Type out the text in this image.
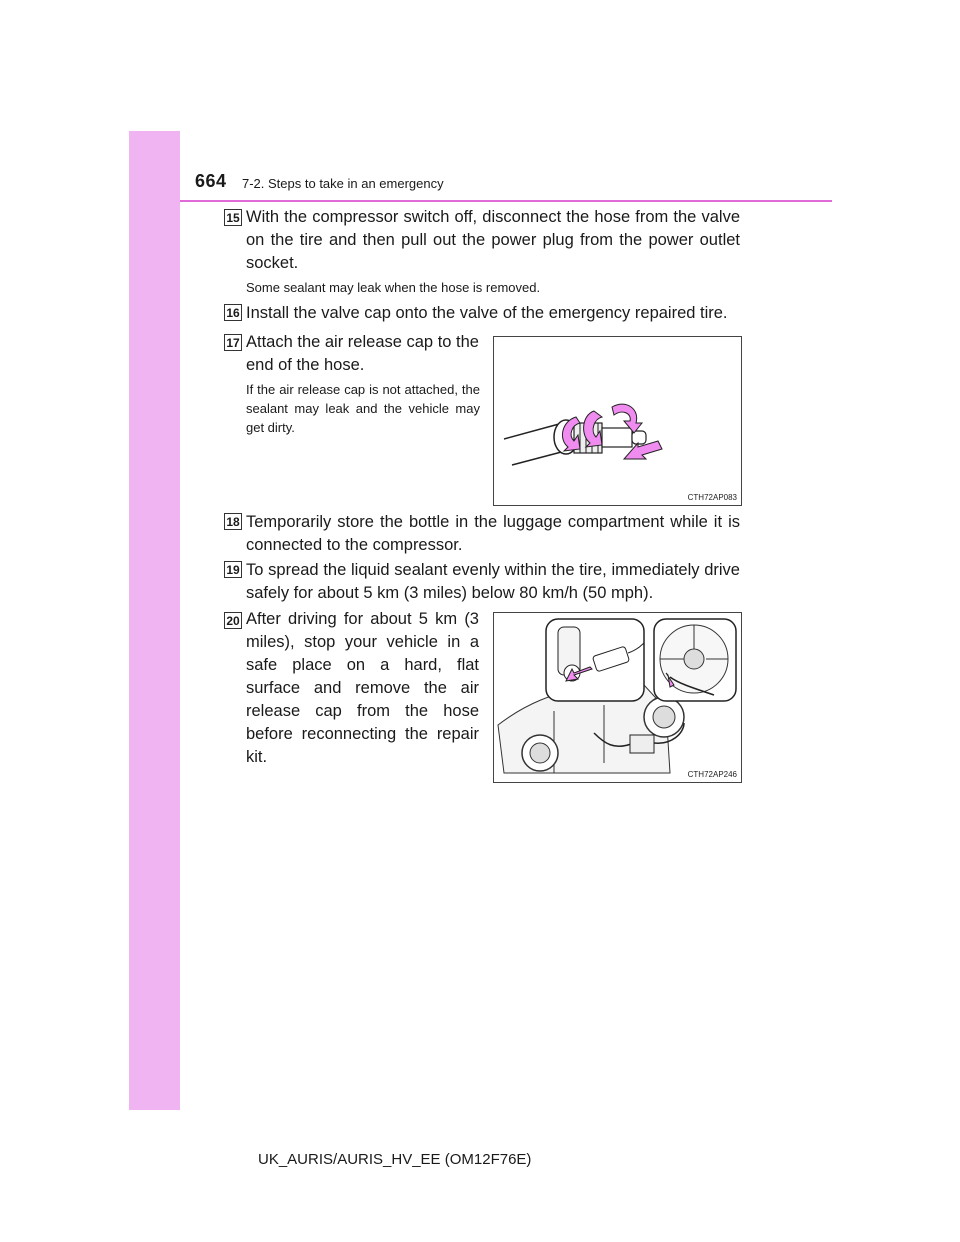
664 7-2. Steps to take in an emergency
15 With the compressor switch off, disconnect the hose from the valve on the tire and then pull out the power plug from the power outlet socket.
Some sealant may leak when the hose is removed.
16 Install the valve cap onto the valve of the emergency repaired tire.
17 Attach the air release cap to the end of the hose.
If the air release cap is not attached, the sealant may leak and the vehicle may get dirty.
CTH72AP083
18 Temporarily store the bottle in the luggage compartment while it is connected to the compressor.
19 To spread the liquid sealant evenly within the tire, immediately drive safely for about 5 km (3 miles) below 80 km/h (50 mph).
20 After driving for about 5 km (3 miles), stop your vehicle in a safe place on a hard, flat surface and remove the air release cap from the hose before reconnecting the repair kit.
CTH72AP246
UK_AURIS/AURIS_HV_EE (OM12F76E)
